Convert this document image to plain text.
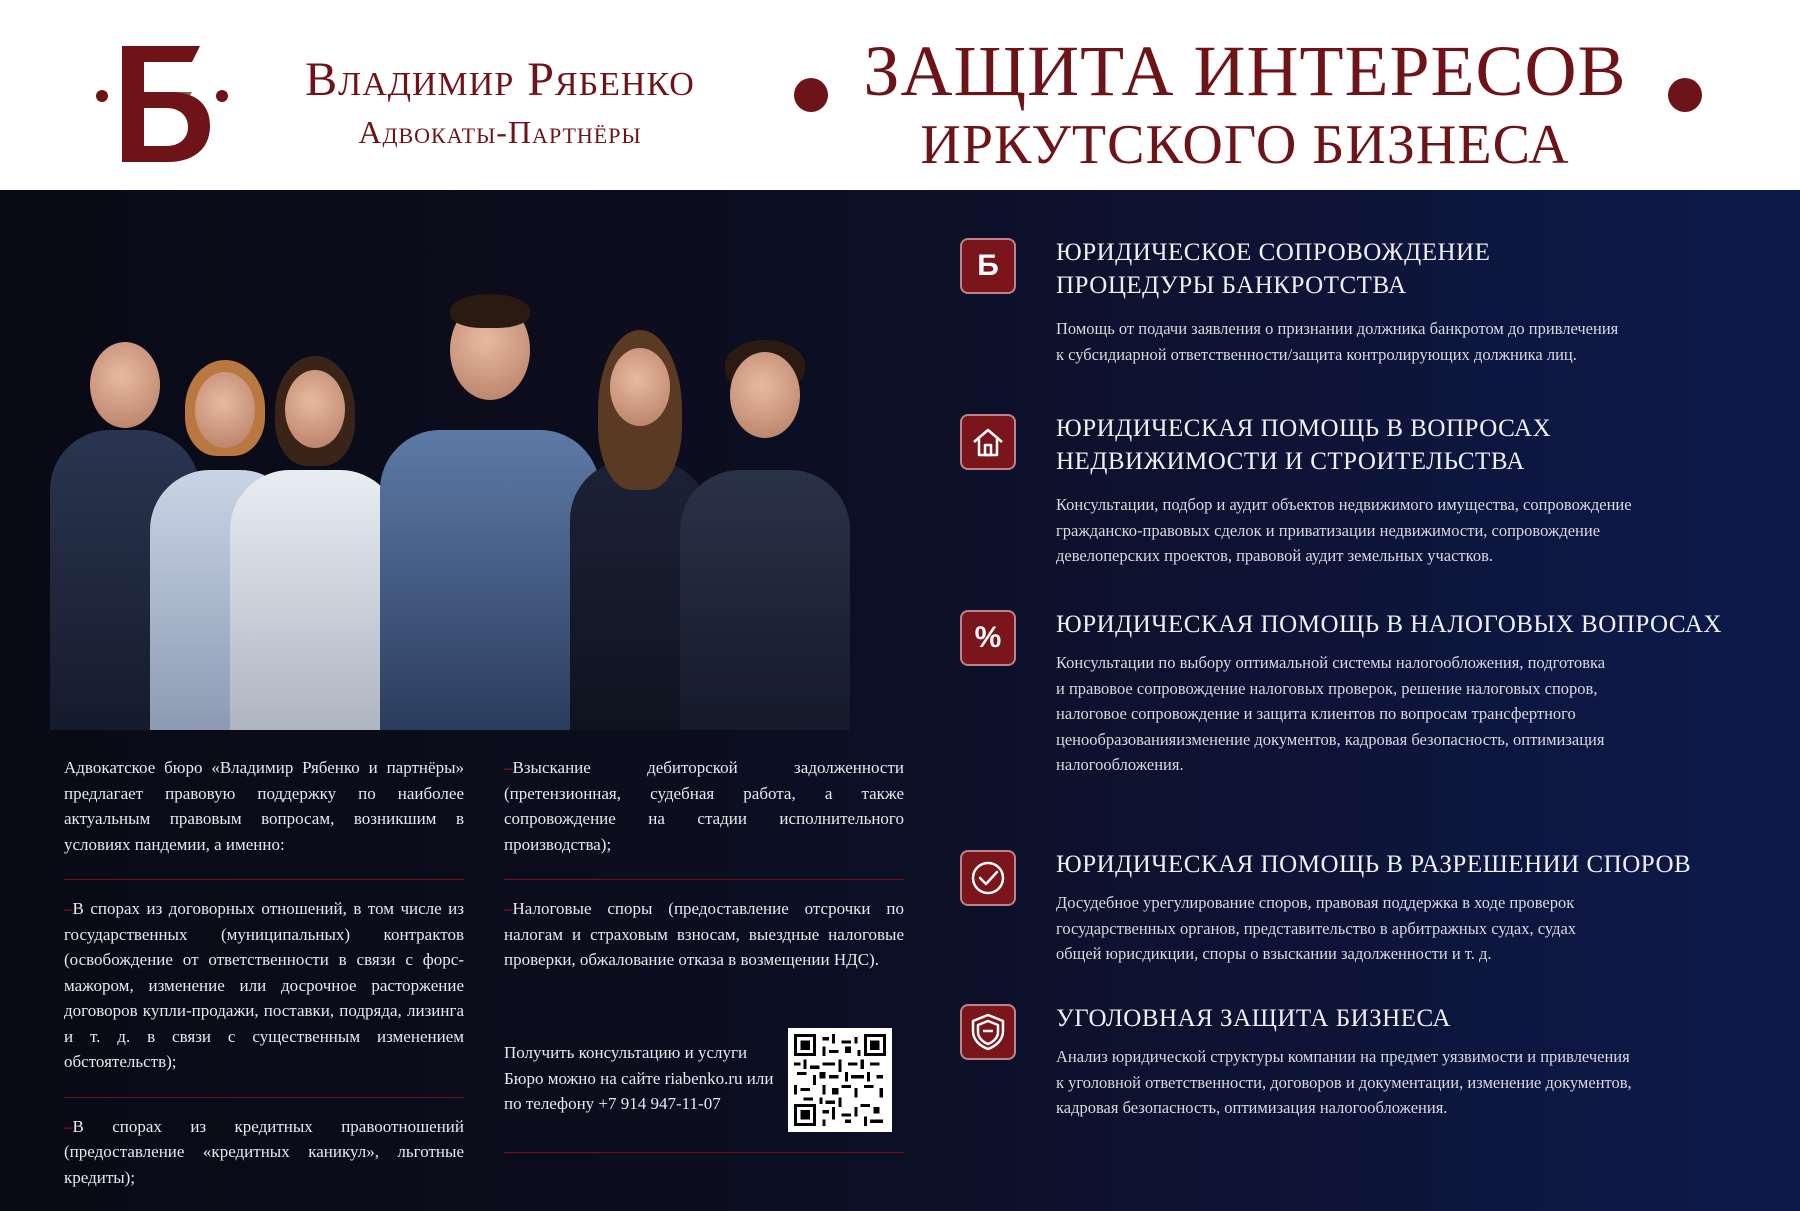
Владимир Рябенко
Адвокаты-Партнёры
ЗАЩИТА ИНТЕРЕСОВ
ИРКУТСКОГО БИЗНЕСА

Адвокатское бюро «Владимир Рябенко и партнёры» предлагает правовую поддержку по наиболее актуальным правовым вопросам, возникшим в условиях пандемии, а именно:

–В спорах из договорных отношений, в том числе из государственных (муниципальных) контрактов (освобождение от ответственности в связи с форс-мажором, изменение или досрочное расторжение договоров купли-продажи, поставки, подряда, лизинга и т. д. в связи с существенным изменением обстоятельств);

–В спорах из кредитных правоотношений (предоставление «кредитных каникул», льготные кредиты);

–Взыскание дебиторской задолженности (претензионная, судебная работа, а также сопровождение на стадии исполнительного производства);

–Налоговые споры (предоставление отсрочки по налогам и страховым взносам, выездные налоговые проверки, обжалование отказа в возмещении НДС).

Получить консультацию и услуги Бюро можно на сайте riabenko.ru или по телефону +7 914 947-11-07
Б	ЮРИДИЧЕСКОЕ СОПРОВОЖДЕНИЕ
ПРОЦЕДУРЫ БАНКРОТСТВА
Помощь от подачи заявления о признании должника банкротом до привлечения
к субсидиарной ответственности/защита контролирующих должника лиц.
ЮРИДИЧЕСКАЯ ПОМОЩЬ В ВОПРОСАХ
НЕДВИЖИМОСТИ И СТРОИТЕЛЬСТВА
Консультации, подбор и аудит объектов недвижимого имущества, сопровождение
гражданско-правовых сделок и приватизации недвижимости, сопровождение
девелоперских проектов, правовой аудит земельных участков.
%	ЮРИДИЧЕСКАЯ ПОМОЩЬ В НАЛОГОВЫХ ВОПРОСАХ
Консультации по выбору оптимальной системы налогообложения, подготовка
и правовое сопровождение налоговых проверок, решение налоговых споров,
налоговое сопровождение и защита клиентов по вопросам трансфертного
ценообразованияизменение документов, кадровая безопасность, оптимизация
налогообложения.
ЮРИДИЧЕСКАЯ ПОМОЩЬ В РАЗРЕШЕНИИ СПОРОВ
Досудебное урегулирование споров, правовая поддержка в ходе проверок
государственных органов, представительство в арбитражных судах, судах
общей юрисдикции, споры о взыскании задолженности и т. д.
УГОЛОВНАЯ ЗАЩИТА БИЗНЕСА
Анализ юридической структуры компании на предмет уязвимости и привлечения
к уголовной ответственности, договоров и документации, изменение документов,
кадровая безопасность, оптимизация налогообложения.
